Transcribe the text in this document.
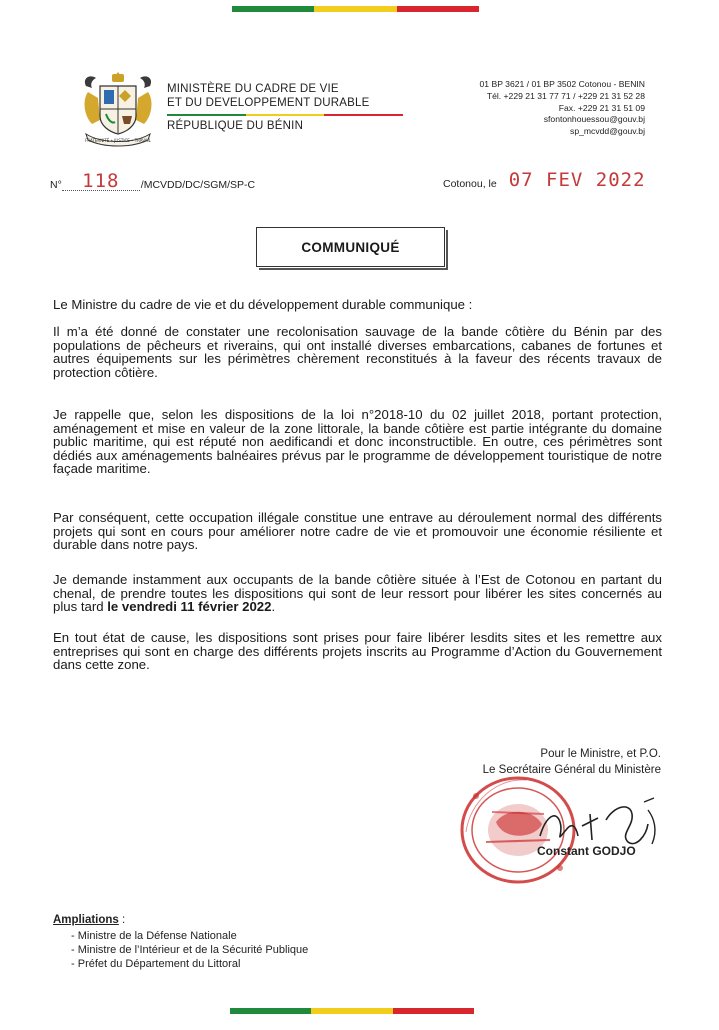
FRATERNITÉ • JUSTICE • TRAVAIL
MINISTÈRE DU CADRE DE VIE
ET DU DEVELOPPEMENT DURABLE
RÉPUBLIQUE DU BÉNIN
01 BP 3621 / 01 BP 3502 Cotonou - BENIN
Tél. +229 21 31 77 71 / +229 21 31 52 28
Fax. +229 21 31 51 09
sfontonhouessou@gouv.bj
sp_mcvdd@gouv.bj
N°	118	/MCVDD/DC/SGM/SP-C	Cotonou, le 07 FEV 2022
COMMUNIQUÉ
Le Ministre du cadre de vie et du développement durable communique :
Il m’a été donné de constater une recolonisation sauvage de la bande côtière du Bénin par des populations de pêcheurs et riverains, qui ont installé diverses embarcations, cabanes de fortunes et autres équipements sur les périmètres chèrement reconstitués à la faveur des récents travaux de protection côtière.
Je rappelle que, selon les dispositions de la loi n°2018-10 du 02 juillet 2018, portant protection, aménagement et mise en valeur de la zone littorale, la bande côtière est partie intégrante du domaine public maritime, qui est réputé non aedificandi et donc inconstructible. En outre, ces périmètres sont dédiés aux aménagements balnéaires prévus par le programme de développement touristique de notre façade maritime.
Par conséquent, cette occupation illégale constitue une entrave au déroulement normal des différents projets qui sont en cours pour améliorer notre cadre de vie et promouvoir une économie résiliente et durable dans notre pays.
Je demande instamment aux occupants de la bande côtière située à l’Est de Cotonou en partant du chenal, de prendre toutes les dispositions qui sont de leur ressort pour libérer les sites concernés au plus tard le vendredi 11 février 2022.
En tout état de cause, les dispositions sont prises pour faire libérer lesdits sites et les remettre aux entreprises qui sont en charge des différents projets inscrits au Programme d’Action du Gouvernement dans cette zone.
Pour le Ministre, et P.O.
Le Secrétaire Général du Ministère
Constant GODJO
Ampliations :
- Ministre de la Défense Nationale
- Ministre de l’Intérieur et de la Sécurité Publique
- Préfet du Département du Littoral
